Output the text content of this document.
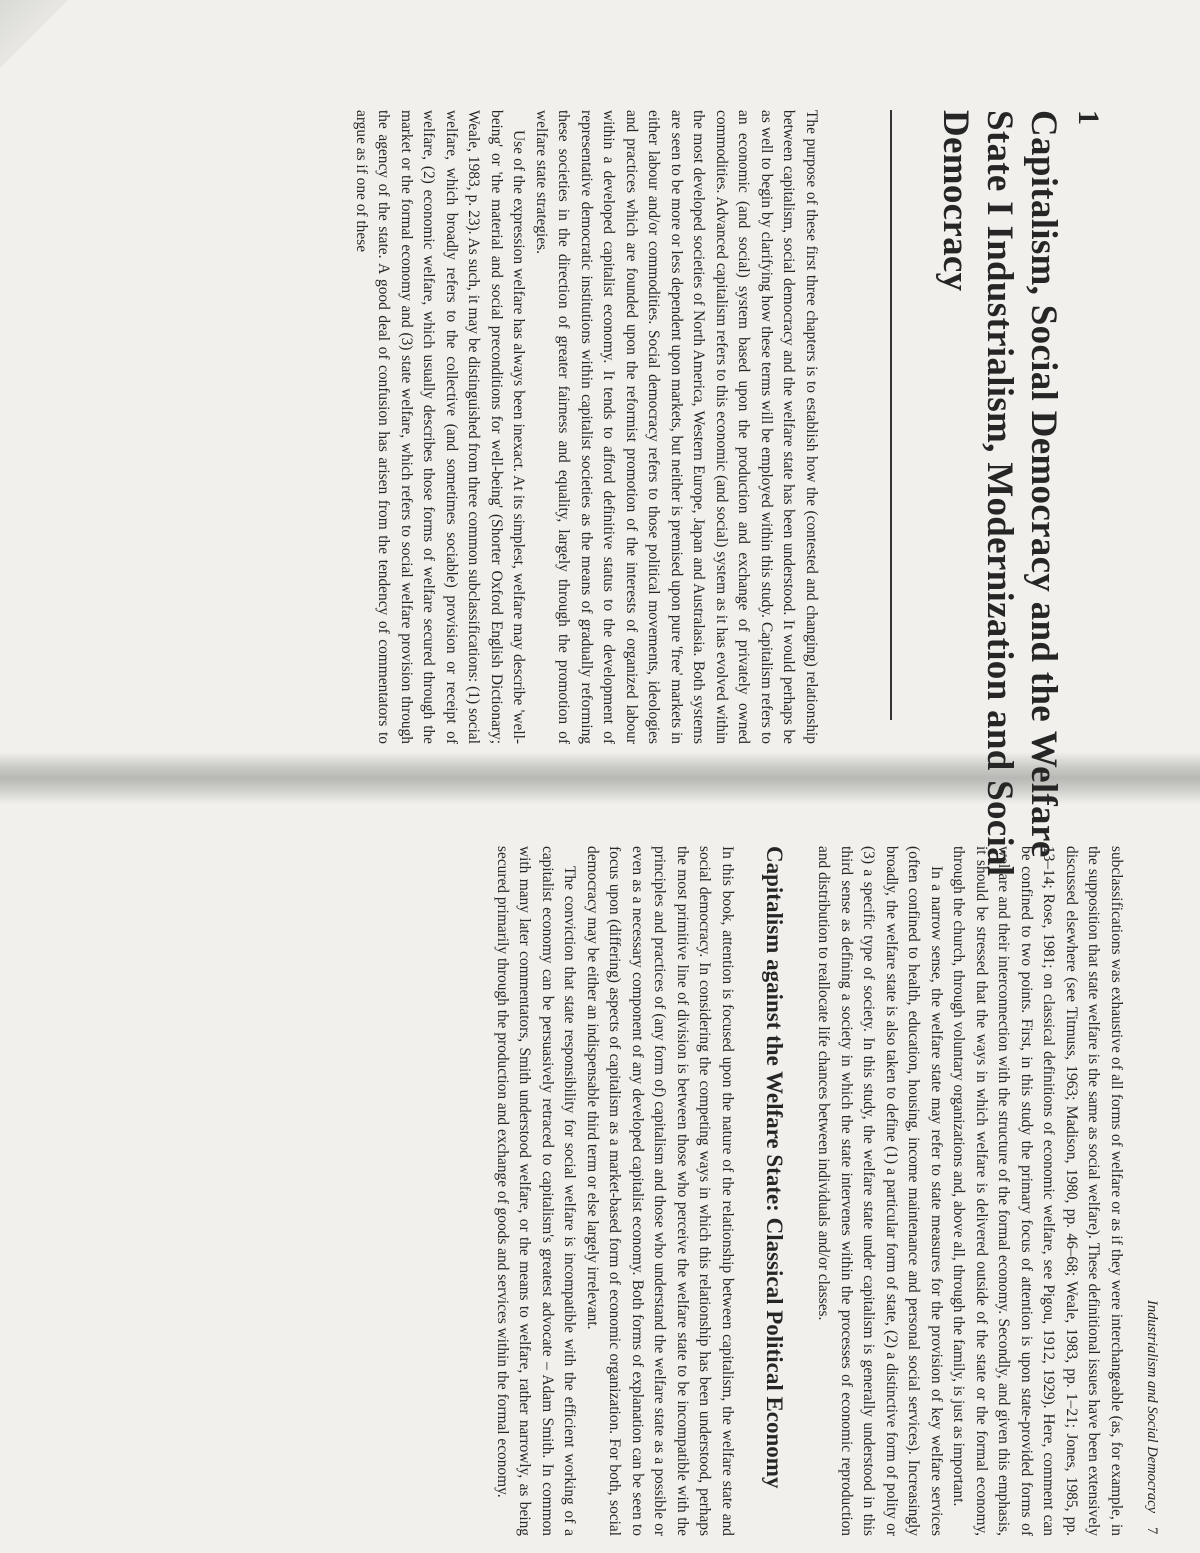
1
Capitalism, Social Democracy and the Welfare State I Industrialism, Modernization and Social Democracy

The purpose of these first three chapters is to establish how the (contested and changing) relationship between capitalism, social democracy and the welfare state has been understood. It would perhaps be as well to begin by clarifying how these terms will be employed within this study. Capitalism refers to an economic (and social) system based upon the production and exchange of privately owned commodities. Advanced capitalism refers to this economic (and social) system as it has evolved within the most developed societies of North America, Western Europe, Japan and Australasia. Both systems are seen to be more or less dependent upon markets, but neither is premised upon pure 'free' markets in either labour and/or commodities. Social democracy refers to those political movements, ideologies and practices which are founded upon the reformist promotion of the interests of organized labour within a developed capitalist economy. It tends to afford definitive status to the development of representative democratic institutions within capitalist societies as the means of gradually reforming these societies in the direction of greater fairness and equality, largely through the promotion of welfare state strategies.

Use of the expression welfare has always been inexact. At its simplest, welfare may describe 'well-being' or 'the material and social preconditions for well-being' (Shorter Oxford English Dictionary; Weale, 1983, p. 23). As such, it may be distinguished from three common subclassifications: (1) social welfare, which broadly refers to the collective (and sometimes sociable) provision or receipt of welfare, (2) economic welfare, which usually describes those forms of welfare secured through the market or the formal economy and (3) state welfare, which refers to social welfare provision through the agency of the state. A good deal of confusion has arisen from the tendency of commentators to argue as if one of these

Industrialism and Social Democracy7

subclassifications was exhaustive of all forms of welfare or as if they were interchangeable (as, for example, in the supposition that state welfare is the same as social welfare). These definitional issues have been extensively discussed elsewhere (see Titmuss, 1963; Madison, 1980, pp. 46–68; Weale, 1983, pp. 1–21; Jones, 1985, pp. 13–14; Rose, 1981; on classical definitions of economic welfare, see Pigou, 1912, 1929). Here, comment can be confined to two points. First, in this study the primary focus of attention is upon state-provided forms of welfare and their interconnection with the structure of the formal economy. Secondly, and given this emphasis, it should be stressed that the ways in which welfare is delivered outside of the state or the formal economy, through the church, through voluntary organizations and, above all, through the family, is just as important.

In a narrow sense, the welfare state may refer to state measures for the provision of key welfare services (often confined to health, education, housing, income maintenance and personal social services). Increasingly broadly, the welfare state is also taken to define (1) a particular form of state, (2) a distinctive form of polity or (3) a specific type of society. In this study, the welfare state under capitalism is generally understood in this third sense as defining a society in which the state intervenes within the processes of economic reproduction and distribution to reallocate life chances between individuals and/or classes.

Capitalism against the Welfare State: Classical Political Economy

In this book, attention is focused upon the nature of the relationship between capitalism, the welfare state and social democracy. In considering the competing ways in which this relationship has been understood, perhaps the most primitive line of division is between those who perceive the welfare state to be incompatible with the principles and practices of (any form of) capitalism and those who understand the welfare state as a possible or even as a necessary component of any developed capitalist economy. Both forms of explanation can be seen to focus upon (differing) aspects of capitalism as a market-based form of economic organization. For both, social democracy may be either an indispensable third term or else largely irrelevant.

The conviction that state responsibility for social welfare is incompatible with the efficient working of a capitalist economy can be persuasively retraced to capitalism's greatest advocate – Adam Smith. In common with many later commentators, Smith understood welfare, or the means to welfare, rather narrowly, as being secured primarily through the production and exchange of goods and services within the formal economy.
